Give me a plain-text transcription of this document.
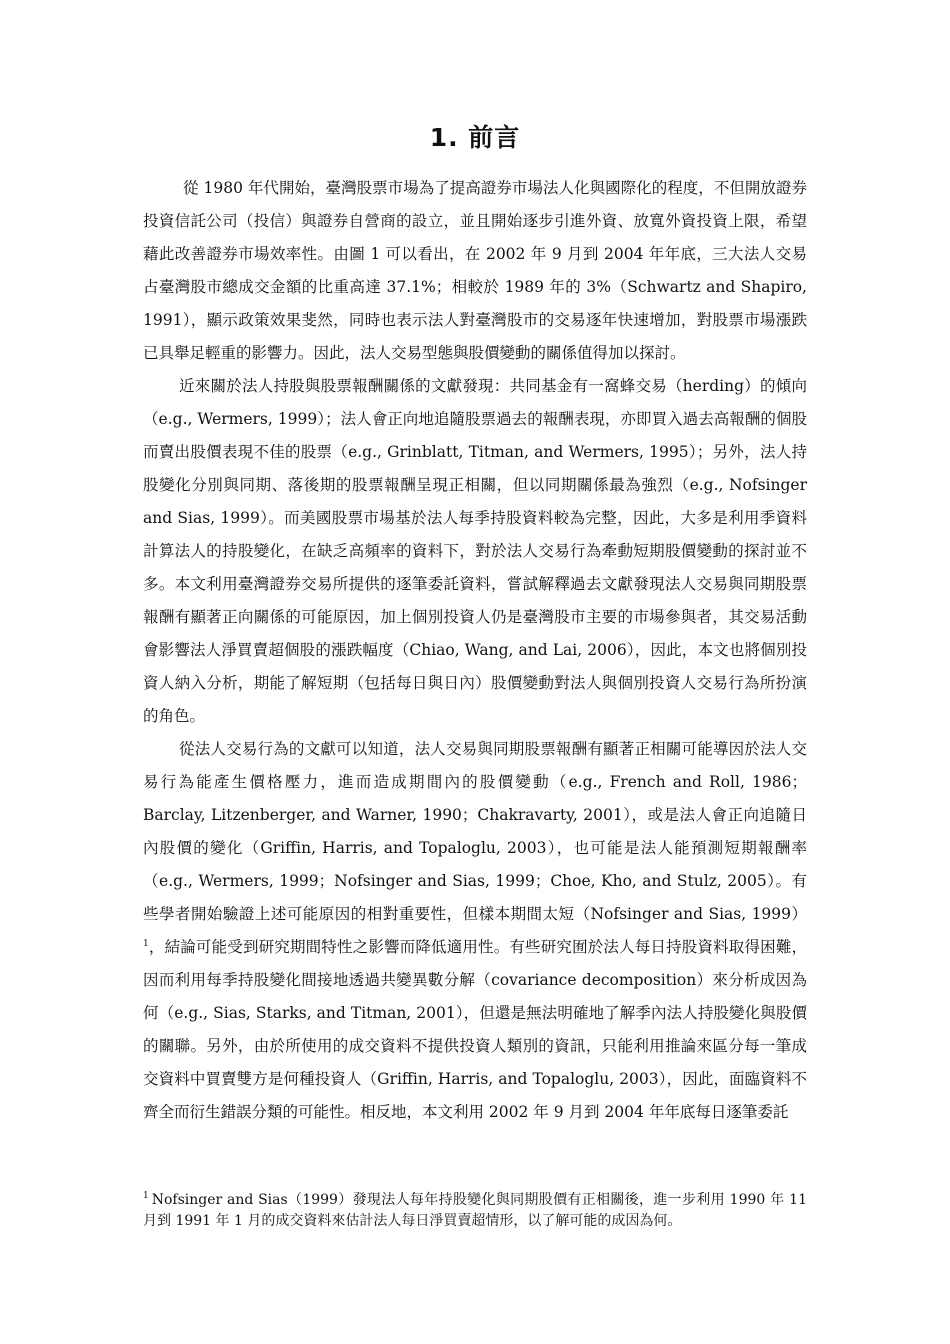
1. 前言

從 1980 年代開始，臺灣股票市場為了提高證券市場法人化與國際化的程度，不但開放證券投資信託公司（投信）與證券自營商的設立，並且開始逐步引進外資、放寬外資投資上限，希望藉此改善證券市場效率性。由圖 1 可以看出，在 2002 年 9 月到 2004 年年底，三大法人交易占臺灣股市總成交金額的比重高達 37.1%；相較於 1989 年的 3%（Schwartz and Shapiro, 1991），顯示政策效果斐然，同時也表示法人對臺灣股市的交易逐年快速增加，對股票市場漲跌已具舉足輕重的影響力。因此，法人交易型態與股價變動的關係值得加以探討。

近來關於法人持股與股票報酬關係的文獻發現：共同基金有一窩蜂交易（herding）的傾向（e.g., Wermers, 1999）；法人會正向地追隨股票過去的報酬表現，亦即買入過去高報酬的個股而賣出股價表現不佳的股票（e.g., Grinblatt, Titman, and Wermers, 1995）；另外，法人持股變化分別與同期、落後期的股票報酬呈現正相關，但以同期關係最為強烈（e.g., Nofsinger and Sias, 1999）。而美國股票市場基於法人每季持股資料較為完整，因此，大多是利用季資料計算法人的持股變化，在缺乏高頻率的資料下，對於法人交易行為牽動短期股價變動的探討並不多。本文利用臺灣證券交易所提供的逐筆委託資料，嘗試解釋過去文獻發現法人交易與同期股票報酬有顯著正向關係的可能原因，加上個別投資人仍是臺灣股市主要的市場參與者，其交易活動會影響法人淨買賣超個股的漲跌幅度（Chiao, Wang, and Lai, 2006），因此，本文也將個別投資人納入分析，期能了解短期（包括每日與日內）股價變動對法人與個別投資人交易行為所扮演的角色。

從法人交易行為的文獻可以知道，法人交易與同期股票報酬有顯著正相關可能導因於法人交易行為能產生價格壓力，進而造成期間內的股價變動（e.g., French and Roll, 1986；Barclay, Litzenberger, and Warner, 1990；Chakravarty, 2001），或是法人會正向追隨日內股價的變化（Griffin, Harris, and Topaloglu, 2003），也可能是法人能預測短期報酬率（e.g., Wermers, 1999；Nofsinger and Sias, 1999；Choe, Kho, and Stulz, 2005）。有些學者開始驗證上述可能原因的相對重要性，但樣本期間太短（Nofsinger and Sias, 1999）$^1$，結論可能受到研究期間特性之影響而降低適用性。有些研究囿於法人每日持股資料取得困難，因而利用每季持股變化間接地透過共變異數分解（covariance decomposition）來分析成因為何（e.g., Sias, Starks, and Titman, 2001），但還是無法明確地了解季內法人持股變化與股價的關聯。另外，由於所使用的成交資料不提供投資人類別的資訊，只能利用推論來區分每一筆成交資料中買賣雙方是何種投資人（Griffin, Harris, and Topaloglu, 2003），因此，面臨資料不齊全而衍生錯誤分類的可能性。相反地，本文利用 2002 年 9 月到 2004 年年底每日逐筆委託

$^1$ Nofsinger and Sias（1999）發現法人每年持股變化與同期股價有正相關後，進一步利用 1990 年 11 月到 1991 年 1 月的成交資料來估計法人每日淨買賣超情形，以了解可能的成因為何。
